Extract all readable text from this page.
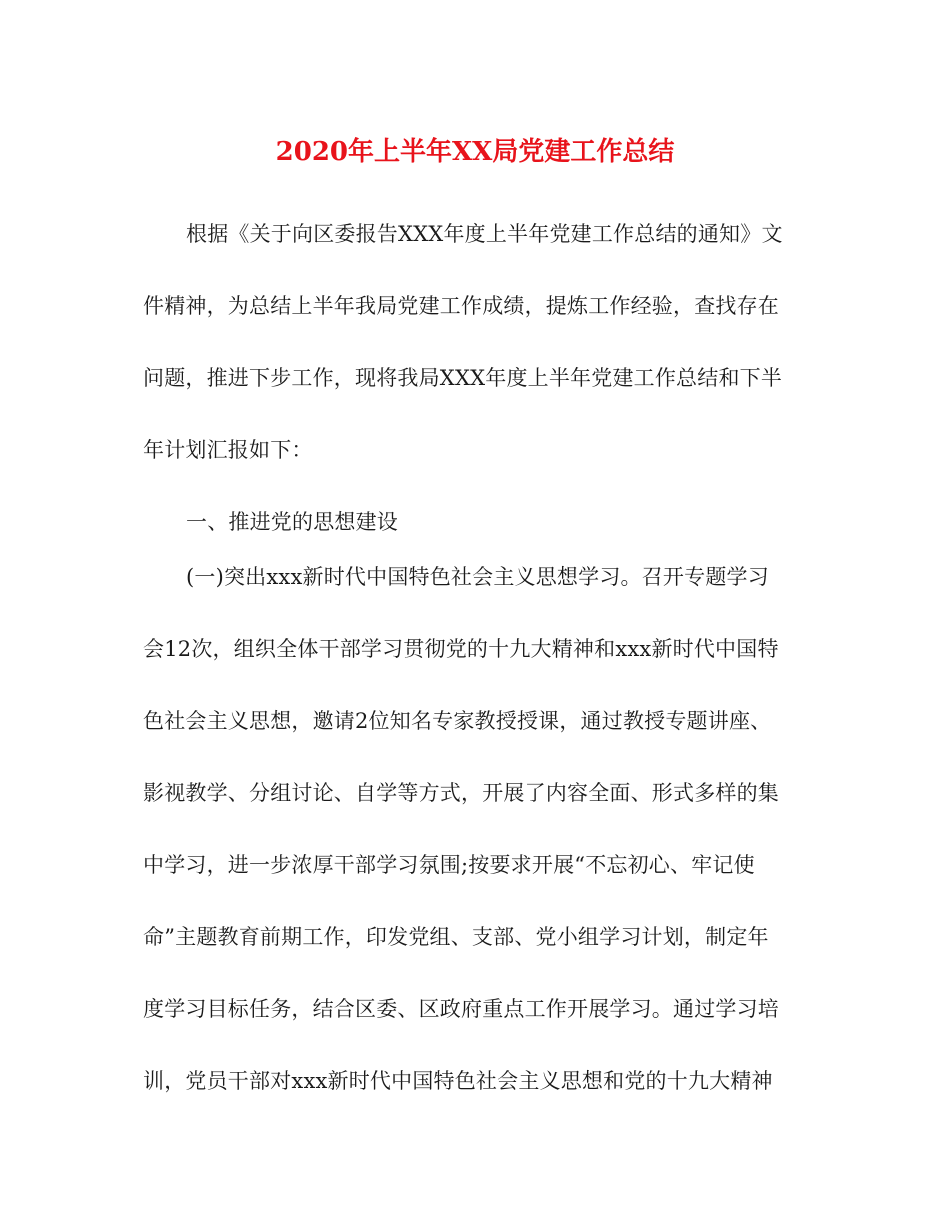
2020年上半年XX局党建工作总结
根据《关于向区委报告XXX年度上半年党建工作总结的通知》文
件精神，为总结上半年我局党建工作成绩，提炼工作经验，查找存在
问题，推进下步工作，现将我局XXX年度上半年党建工作总结和下半
年计划汇报如下：
一、推进党的思想建设
(一)突出xxx新时代中国特色社会主义思想学习。召开专题学习
会12次，组织全体干部学习贯彻党的十九大精神和xxx新时代中国特
色社会主义思想，邀请2位知名专家教授授课，通过教授专题讲座、
影视教学、分组讨论、自学等方式，开展了内容全面、形式多样的集
中学习，进一步浓厚干部学习氛围;按要求开展“不忘初心、牢记使
命”主题教育前期工作，印发党组、支部、党小组学习计划，制定年
度学习目标任务，结合区委、区政府重点工作开展学习。通过学习培
训，党员干部对xxx新时代中国特色社会主义思想和党的十九大精神
